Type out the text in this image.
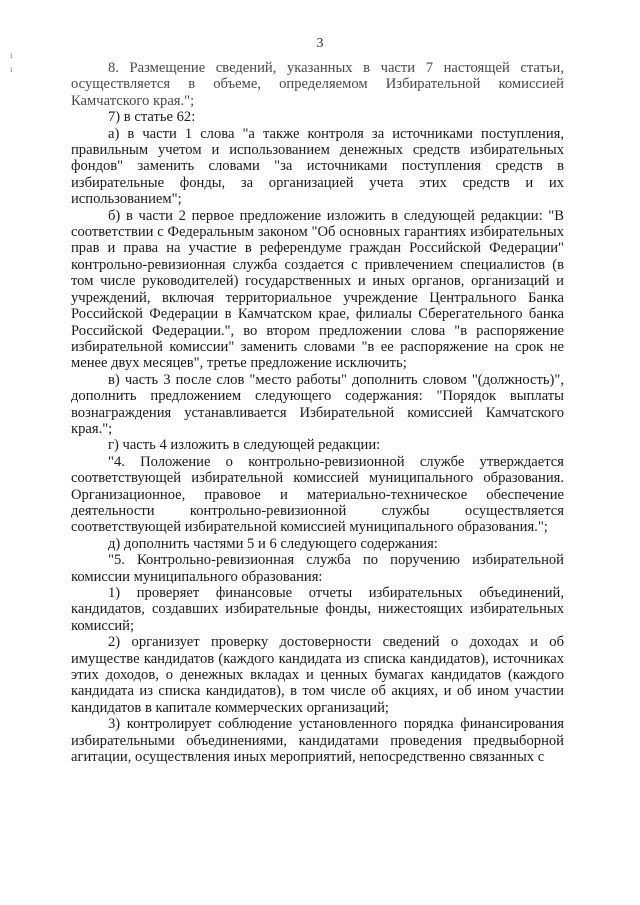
ı
ı
3

8. Размещение сведений, указанных в части 7 настоящей статьи, осуществляется в объеме, определяемом Избирательной комиссией Камчатского края.";

7) в статье 62:

а) в части 1 слова "а также контроля за источниками поступления, правильным учетом и использованием денежных средств избирательных фондов" заменить словами "за источниками поступления средств в избирательные фонды, за организацией учета этих средств и их использованием";

б) в части 2 первое предложение изложить в следующей редакции: "В соответствии с Федеральным законом "Об основных гарантиях избирательных прав и права на участие в референдуме граждан Российской Федерации" контрольно-ревизионная служба создается с привлечением специалистов (в том числе руководителей) государственных и иных органов, организаций и учреждений, включая территориальное учреждение Центрального Банка Российской Федерации в Камчатском крае, филиалы Сберегательного банка Российской Федерации.", во втором предложении слова "в распоряжение избирательной комиссии" заменить словами "в ее распоряжение на срок не менее двух месяцев", третье предложение исключить;

в) часть 3 после слов "место работы" дополнить словом "(должность)", дополнить предложением следующего содержания: "Порядок выплаты вознаграждения устанавливается Избирательной комиссией Камчатского края.";

г) часть 4 изложить в следующей редакции:

"4. Положение о контрольно-ревизионной службе утверждается соответствующей избирательной комиссией муниципального образования. Организационное, правовое и материально-техническое обеспечение деятельности контрольно-ревизионной службы осуществляется соответствующей избирательной комиссией муниципального образования.";

д) дополнить частями 5 и 6 следующего содержания:

"5. Контрольно-ревизионная служба по поручению избирательной комиссии муниципального образования:

1) проверяет финансовые отчеты избирательных объединений, кандидатов, создавших избирательные фонды, нижестоящих избирательных комиссий;

2) организует проверку достоверности сведений о доходах и об имуществе кандидатов (каждого кандидата из списка кандидатов), источниках этих доходов, о денежных вкладах и ценных бумагах кандидатов (каждого кандидата из списка кандидатов), в том числе об акциях, и об ином участии кандидатов в капитале коммерческих организаций;

3) контролирует соблюдение установленного порядка финансирования избирательными объединениями, кандидатами проведения предвыборной агитации, осуществления иных мероприятий, непосредственно связанных с
